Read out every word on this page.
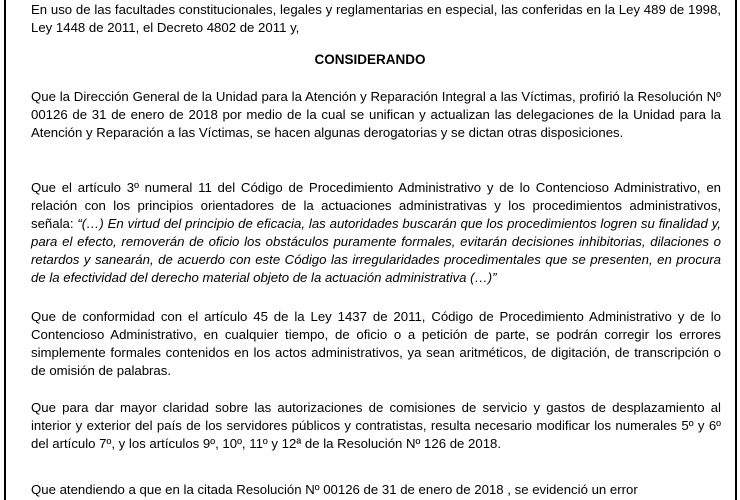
En uso de las facultades constitucionales, legales y reglamentarias en especial, las conferidas en la Ley 489 de 1998, Ley 1448 de 2011, el Decreto 4802 de 2011 y,

CONSIDERANDO

Que la Dirección General de la Unidad para la Atención y Reparación Integral a las Víctimas, profirió la Resolución Nº 00126 de 31 de enero de 2018 por medio de la cual se unifican y actualizan las delegaciones de la Unidad para la Atención y Reparación a las Víctimas, se hacen algunas derogatorias y se dictan otras disposiciones.

Que el artículo 3º numeral 11 del Código de Procedimiento Administrativo y de lo Contencioso Administrativo, en relación con los principios orientadores de la actuaciones administrativas y los procedimientos administrativos, señala: “(…) En virtud del principio de eficacia, las autoridades buscarán que los procedimientos logren su finalidad y, para el efecto, removerán de oficio los obstáculos puramente formales, evitarán decisiones inhibitorias, dilaciones o retardos y sanearán, de acuerdo con este Código las irregularidades procedimentales que se presenten, en procura de la efectividad del derecho material objeto de la actuación administrativa (…)”

Que de conformidad con el artículo 45 de la Ley 1437 de 2011, Código de Procedimiento Administrativo y de lo Contencioso Administrativo, en cualquier tiempo, de oficio o a petición de parte, se podrán corregir los errores simplemente formales contenidos en los actos administrativos, ya sean aritméticos, de digitación, de transcripción o de omisión de palabras.

Que para dar mayor claridad sobre las autorizaciones de comisiones de servicio y gastos de desplazamiento al interior y exterior del país de los servidores públicos y contratistas, resulta necesario modificar los numerales 5º y 6º del artículo 7º, y los artículos 9º, 10º, 11º y 12ª de la Resolución Nº 126 de 2018.

Que atendiendo a que en la citada Resolución Nº 00126 de 31 de enero de 2018 , se evidenció un error
